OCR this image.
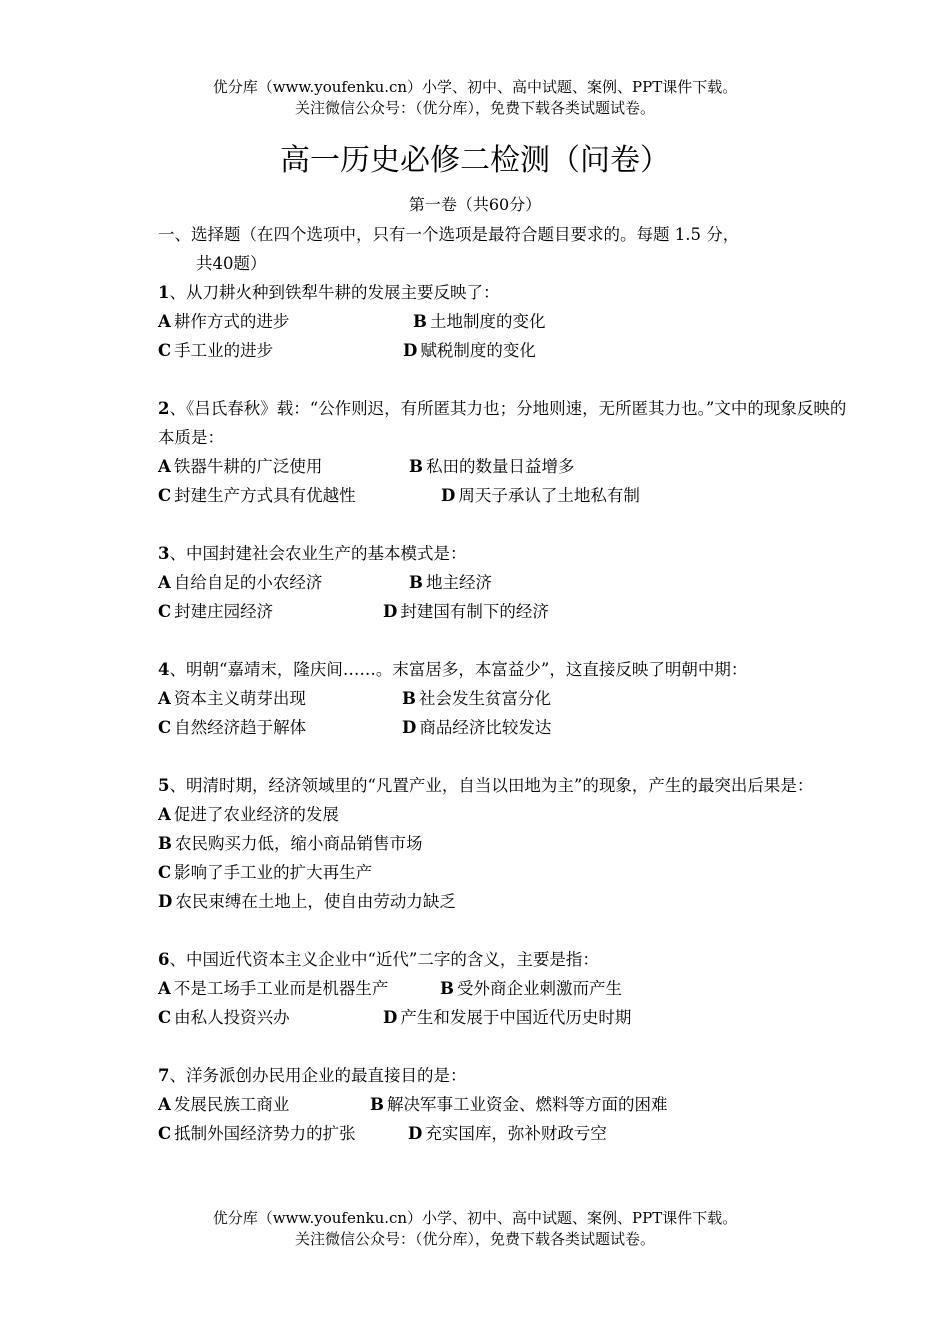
优分库（www.youfenku.cn）小学、初中、高中试题、案例、PPT课件下载。
关注微信公众号：（优分库），免费下载各类试题试卷。
高一历史必修二检测（问卷）
第一卷（共60分）
一、选择题（在四个选项中，只有一个选项是最符合题目要求的。每题 1.5 分，
共40题）
1、从刀耕火种到铁犁牛耕的发展主要反映了：
A 耕作方式的进步	B 土地制度的变化
C 手工业的进步	D 赋税制度的变化
2、《吕氏春秋》载：“公作则迟，有所匿其力也；分地则速，无所匿其力也。”文中的现象反映的本质是：
A 铁器牛耕的广泛使用	B 私田的数量日益增多
C 封建生产方式具有优越性	D 周天子承认了土地私有制
3、中国封建社会农业生产的基本模式是：
A 自给自足的小农经济	B 地主经济
C 封建庄园经济	D 封建国有制下的经济
4、明朝“嘉靖末，隆庆间……。末富居多，本富益少”，这直接反映了明朝中期：
A 资本主义萌芽出现	B 社会发生贫富分化
C 自然经济趋于解体	D 商品经济比较发达
5、明清时期，经济领域里的“凡置产业，自当以田地为主”的现象，产生的最突出后果是：
A 促进了农业经济的发展
B 农民购买力低，缩小商品销售市场
C 影响了手工业的扩大再生产
D 农民束缚在土地上，使自由劳动力缺乏
6、中国近代资本主义企业中“近代”二字的含义，主要是指：
A 不是工场手工业而是机器生产	B 受外商企业刺激而产生
C 由私人投资兴办	D 产生和发展于中国近代历史时期
7、洋务派创办民用企业的最直接目的是：
A 发展民族工商业	B 解决军事工业资金、燃料等方面的困难
C 抵制外国经济势力的扩张	D 充实国库，弥补财政亏空
优分库（www.youfenku.cn）小学、初中、高中试题、案例、PPT课件下载。
关注微信公众号：（优分库），免费下载各类试题试卷。
